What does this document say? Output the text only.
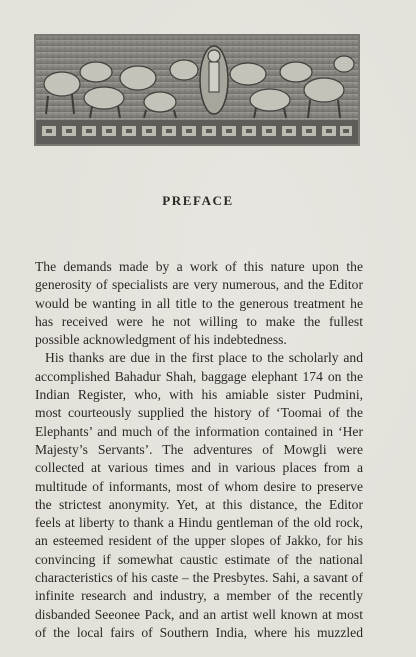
PREFACE
The demands made by a work of this nature upon the
generosity of specialists are very numerous, and the Editor
would be wanting in all title to the generous treatment he
has received were he not willing to make the fullest
possible acknowledgment of his indebtedness.
His thanks are due in the first place to the scholarly and
accomplished Bahadur Shah, baggage elephant 174 on the
Indian Register, who, with his amiable sister Pudmini,
most courteously supplied the history of ‘Toomai of the
Elephants’ and much of the information contained in ‘Her
Majesty’s Servants’. The adventures of Mowgli were
collected at various times and in various places from a
multitude of informants, most of whom desire to preserve
the strictest anonymity. Yet, at this distance, the Editor
feels at liberty to thank a Hindu gentleman of the old rock,
an esteemed resident of the upper slopes of Jakko, for his
convincing if somewhat caustic estimate of the national
characteristics of his caste – the Presbytes. Sahi, a savant of
infinite research and industry, a member of the recently
disbanded Seeonee Pack, and an artist well known at most
of the local fairs of Southern India, where his muzzled
